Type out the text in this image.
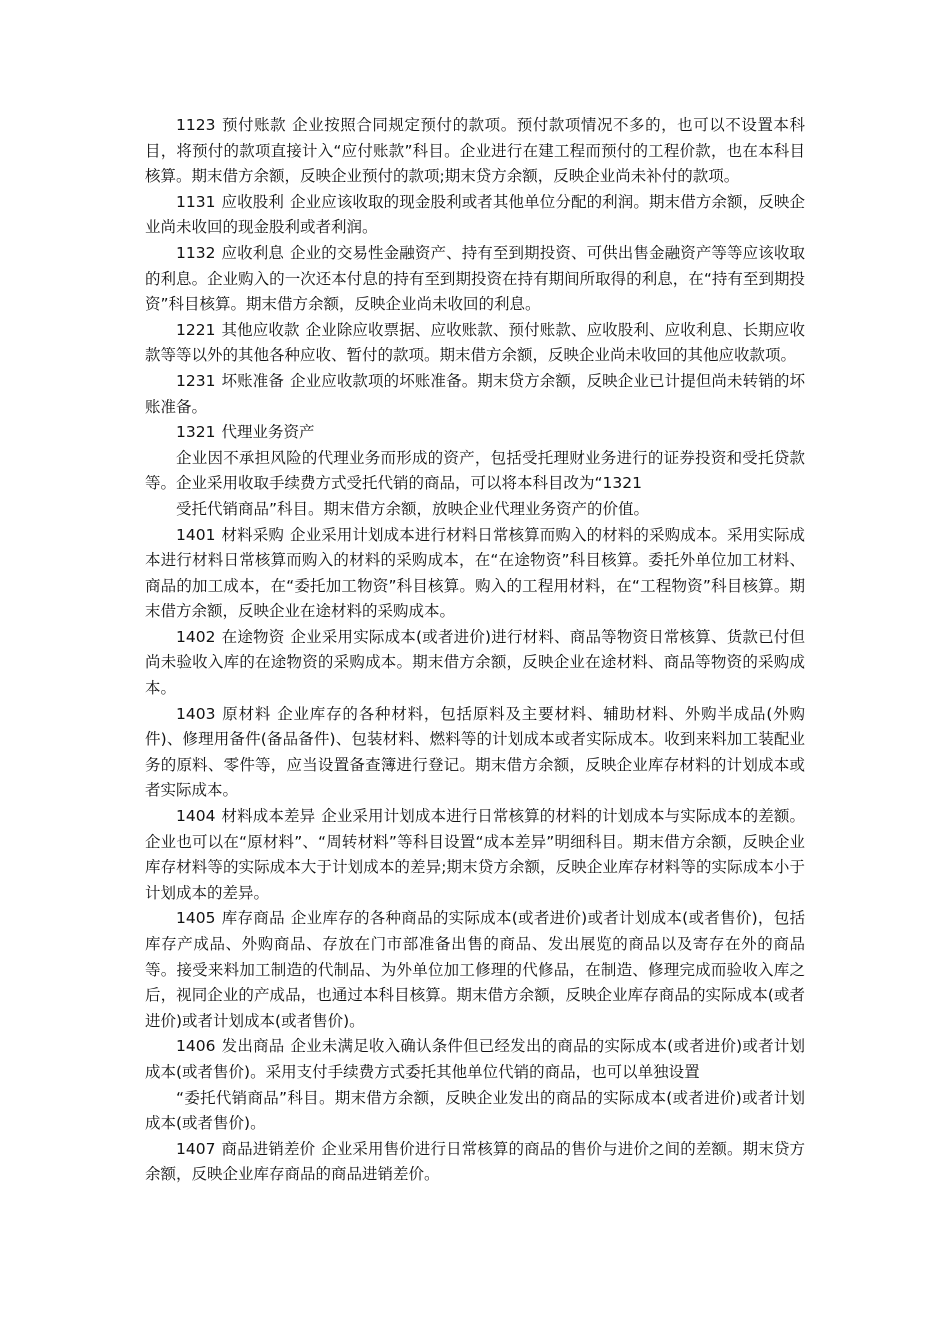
1123 预付账款 企业按照合同规定预付的款项。预付款项情况不多的，也可以不设置本科目，将预付的款项直接计入“应付账款”科目。企业进行在建工程而预付的工程价款，也在本科目核算。期末借方余额，反映企业预付的款项;期末贷方余额，反映企业尚未补付的款项。

1131 应收股利 企业应该收取的现金股利或者其他单位分配的利润。期末借方余额，反映企业尚未收回的现金股利或者利润。

1132 应收利息 企业的交易性金融资产、持有至到期投资、可供出售金融资产等等应该收取的利息。企业购入的一次还本付息的持有至到期投资在持有期间所取得的利息，在“持有至到期投资”科目核算。期末借方余额，反映企业尚未收回的利息。

1221 其他应收款 企业除应收票据、应收账款、预付账款、应收股利、应收利息、长期应收款等等以外的其他各种应收、暂付的款项。期末借方余额，反映企业尚未收回的其他应收款项。

1231 坏账准备 企业应收款项的坏账准备。期末贷方余额，反映企业已计提但尚未转销的坏账准备。

1321 代理业务资产

企业因不承担风险的代理业务而形成的资产，包括受托理财业务进行的证券投资和受托贷款等。企业采用收取手续费方式受托代销的商品，可以将本科目改为“1321

受托代销商品”科目。期末借方余额，放映企业代理业务资产的价值。

1401 材料采购 企业采用计划成本进行材料日常核算而购入的材料的采购成本。采用实际成本进行材料日常核算而购入的材料的采购成本，在“在途物资”科目核算。委托外单位加工材料、商品的加工成本，在“委托加工物资”科目核算。购入的工程用材料，在“工程物资”科目核算。期末借方余额，反映企业在途材料的采购成本。

1402 在途物资 企业采用实际成本(或者进价)进行材料、商品等物资日常核算、货款已付但尚未验收入库的在途物资的采购成本。期末借方余额，反映企业在途材料、商品等物资的采购成本。

1403 原材料 企业库存的各种材料，包括原料及主要材料、辅助材料、外购半成品(外购件)、修理用备件(备品备件)、包装材料、燃料等的计划成本或者实际成本。收到来料加工装配业务的原料、零件等，应当设置备查簿进行登记。期末借方余额，反映企业库存材料的计划成本或者实际成本。

1404 材料成本差异 企业采用计划成本进行日常核算的材料的计划成本与实际成本的差额。企业也可以在“原材料”、“周转材料”等科目设置“成本差异”明细科目。期末借方余额，反映企业库存材料等的实际成本大于计划成本的差异;期末贷方余额，反映企业库存材料等的实际成本小于计划成本的差异。

1405 库存商品 企业库存的各种商品的实际成本(或者进价)或者计划成本(或者售价)，包括库存产成品、外购商品、存放在门市部准备出售的商品、发出展览的商品以及寄存在外的商品等。接受来料加工制造的代制品、为外单位加工修理的代修品，在制造、修理完成而验收入库之后，视同企业的产成品，也通过本科目核算。期末借方余额，反映企业库存商品的实际成本(或者进价)或者计划成本(或者售价)。

1406 发出商品 企业未满足收入确认条件但已经发出的商品的实际成本(或者进价)或者计划成本(或者售价)。采用支付手续费方式委托其他单位代销的商品，也可以单独设置

“委托代销商品”科目。期末借方余额，反映企业发出的商品的实际成本(或者进价)或者计划成本(或者售价)。

1407 商品进销差价 企业采用售价进行日常核算的商品的售价与进价之间的差额。期末贷方余额，反映企业库存商品的商品进销差价。
